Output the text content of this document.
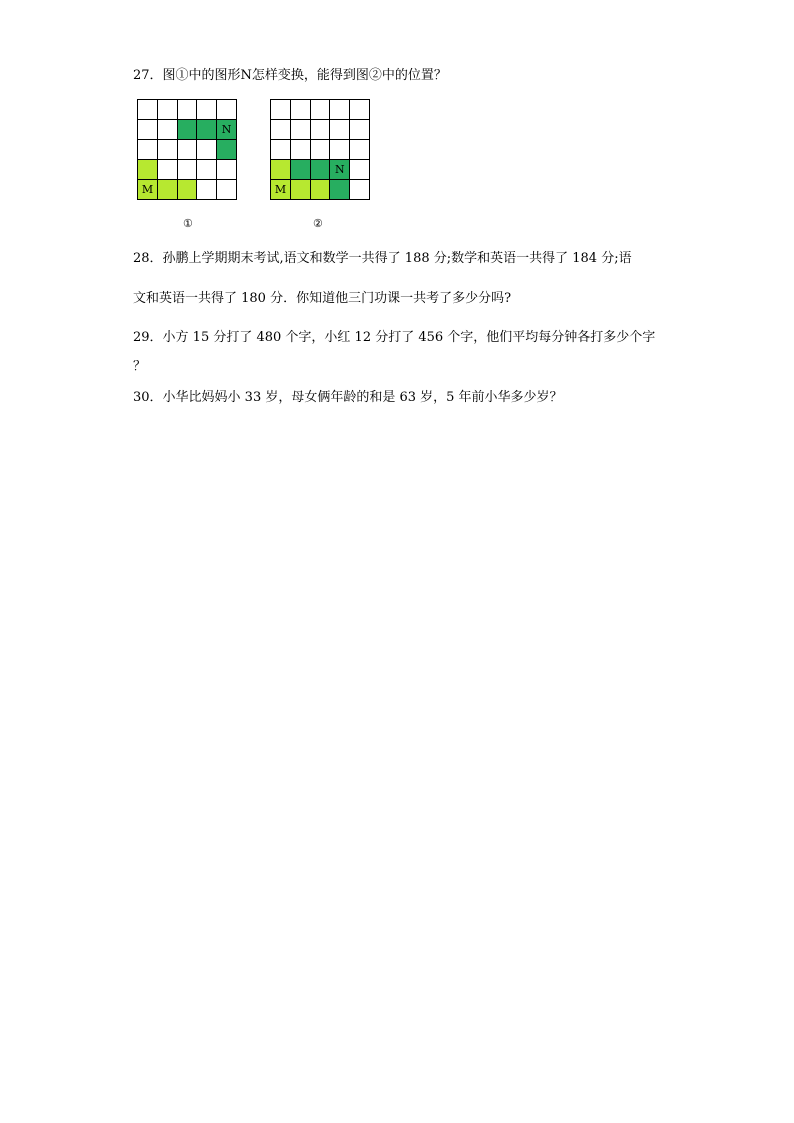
27．图①中的图形N怎样变换，能得到图②中的位置？

				N

M				

			N	
M				
①	②
28．孙鹏上学期期末考试,语文和数学一共得了 188 分;数学和英语一共得了 184 分;语
文和英语一共得了 180 分．你知道他三门功课一共考了多少分吗?
29．小方 15 分打了 480 个字，小红 12 分打了 456 个字，他们平均每分钟各打多少个字
？
30．小华比妈妈小 33 岁，母女俩年龄的和是 63 岁，5 年前小华多少岁？
